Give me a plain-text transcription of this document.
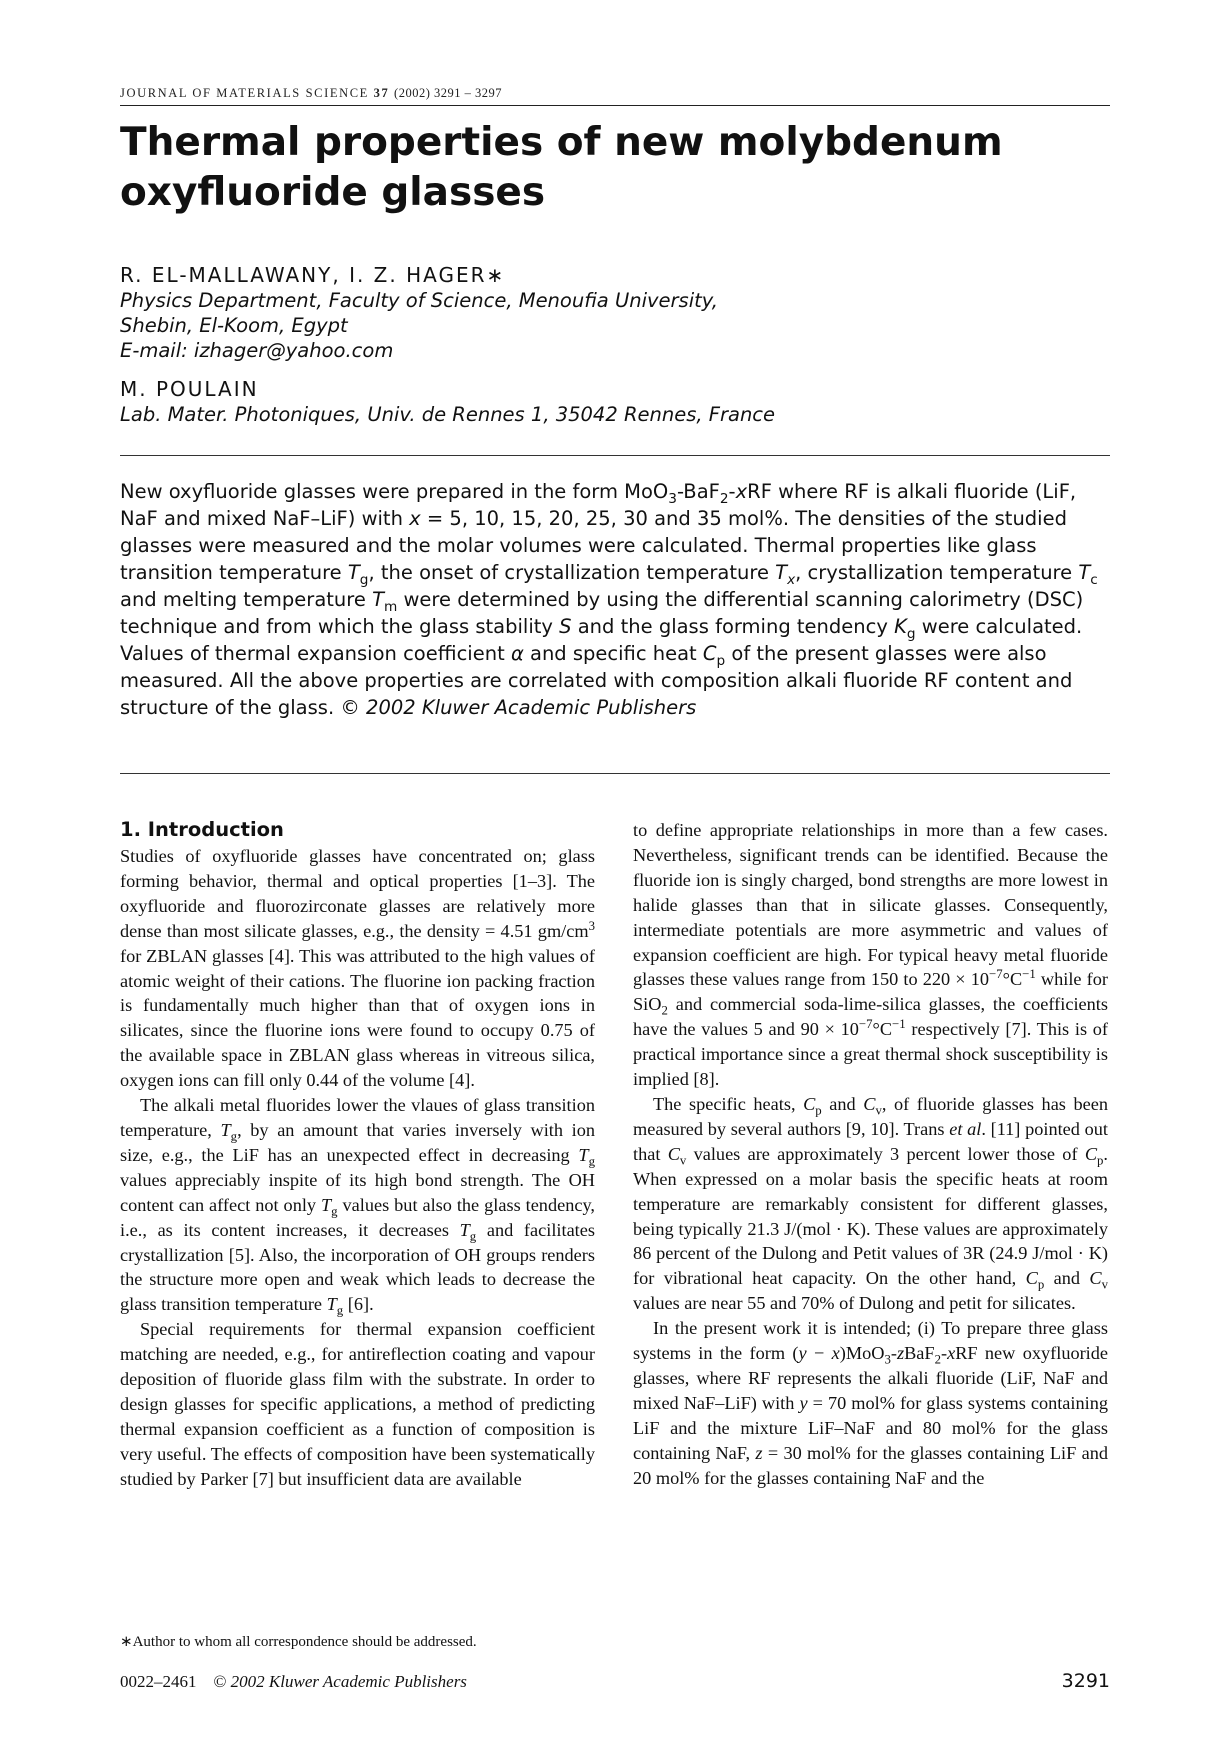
JOURNAL OF MATERIALS SCIENCE 37 (2002) 3291 – 3297
Thermal properties of new molybdenum oxyfluoride glasses
R. EL-MALLAWANY, I. Z. HAGER∗
Physics Department, Faculty of Science, Menoufia University,
Shebin, El-Koom, Egypt
E-mail: izhager@yahoo.com
M. POULAIN
Lab. Mater. Photoniques, Univ. de Rennes 1, 35042 Rennes, France

New oxyfluoride glasses were prepared in the form MoO$_3$-BaF$_2$-xRF where RF is alkali fluoride (LiF, NaF and mixed NaF–LiF) with x = 5, 10, 15, 20, 25, 30 and 35 mol%. The densities of the studied glasses were measured and the molar volumes were calculated. Thermal properties like glass transition temperature $T_g$, the onset of crystallization temperature $T_x$, crystallization temperature $T_c$ and melting temperature $T_m$ were determined by using the differential scanning calorimetry (DSC) technique and from which the glass stability S and the glass forming tendency $K_g$ were calculated. Values of thermal expansion coefficient α and specific heat $C_p$ of the present glasses were also measured. All the above properties are correlated with composition alkali fluoride RF content and structure of the glass. © 2002 Kluwer Academic Publishers

1. Introduction

Studies of oxyfluoride glasses have concentrated on; glass forming behavior, thermal and optical properties [1–3]. The oxyfluoride and fluorozirconate glasses are relatively more dense than most silicate glasses, e.g., the density = 4.51 $gm/cm^3$ for ZBLAN glasses [4]. This was attributed to the high values of atomic weight of their cations. The fluorine ion packing fraction is fundamentally much higher than that of oxygen ions in silicates, since the fluorine ions were found to occupy 0.75 of the available space in ZBLAN glass whereas in vitreous silica, oxygen ions can fill only 0.44 of the volume [4].

The alkali metal fluorides lower the vlaues of glass transition temperature, $T_g$, by an amount that varies inversely with ion size, e.g., the LiF has an unexpected effect in decreasing $T_g$ values appreciably inspite of its high bond strength. The OH content can affect not only $T_g$ values but also the glass tendency, i.e., as its content increases, it decreases $T_g$ and facilitates crystallization [5]. Also, the incorporation of OH groups renders the structure more open and weak which leads to decrease the glass transition temperature $T_g$ [6].

Special requirements for thermal expansion coefficient matching are needed, e.g., for antireflection coating and vapour deposition of fluoride glass film with the substrate. In order to design glasses for specific applications, a method of predicting thermal expansion coefficient as a function of composition is very useful. The effects of composition have been systematically studied by Parker [7] but insufficient data are available

to define appropriate relationships in more than a few cases. Nevertheless, significant trends can be identified. Because the fluoride ion is singly charged, bond strengths are more lowest in halide glasses than that in silicate glasses. Consequently, intermediate potentials are more asymmetric and values of expansion coefficient are high. For typical heavy metal fluoride glasses these values range from 150 to $220 \times 10^{-7}^\circ C^{-1}$ while for SiO$_2$ and commercial soda-lime-silica glasses, the coefficients have the values 5 and $90 \times 10^{-7}^\circ C^{-1}$ respectively [7]. This is of practical importance since a great thermal shock susceptibility is implied [8].

The specific heats, $C_p$ and $C_v$, of fluoride glasses has been measured by several authors [9, 10]. Trans et al. [11] pointed out that $C_v$ values are approximately 3 percent lower those of $C_p$. When expressed on a molar basis the specific heats at room temperature are remarkably consistent for different glasses, being typically 21.3 J/(mol · K). These values are approximately 86 percent of the Dulong and Petit values of 3R (24.9 J/mol · K) for vibrational heat capacity. On the other hand, $C_p$ and $C_v$ values are near 55 and 70% of Dulong and petit for silicates.

In the present work it is intended; (i) To prepare three glass systems in the form (y − x)MoO$_3$-zBaF$_2$-xRF new oxyfluoride glasses, where RF represents the alkali fluoride (LiF, NaF and mixed NaF–LiF) with y = 70 mol% for glass systems containing LiF and the mixture LiF–NaF and 80 mol% for the glass containing NaF, z = 30 mol% for the glasses containing LiF and 20 mol% for the glasses containing NaF and the

∗Author to whom all correspondence should be addressed.
0022–2461 © 2002 Kluwer Academic Publishers	3291
